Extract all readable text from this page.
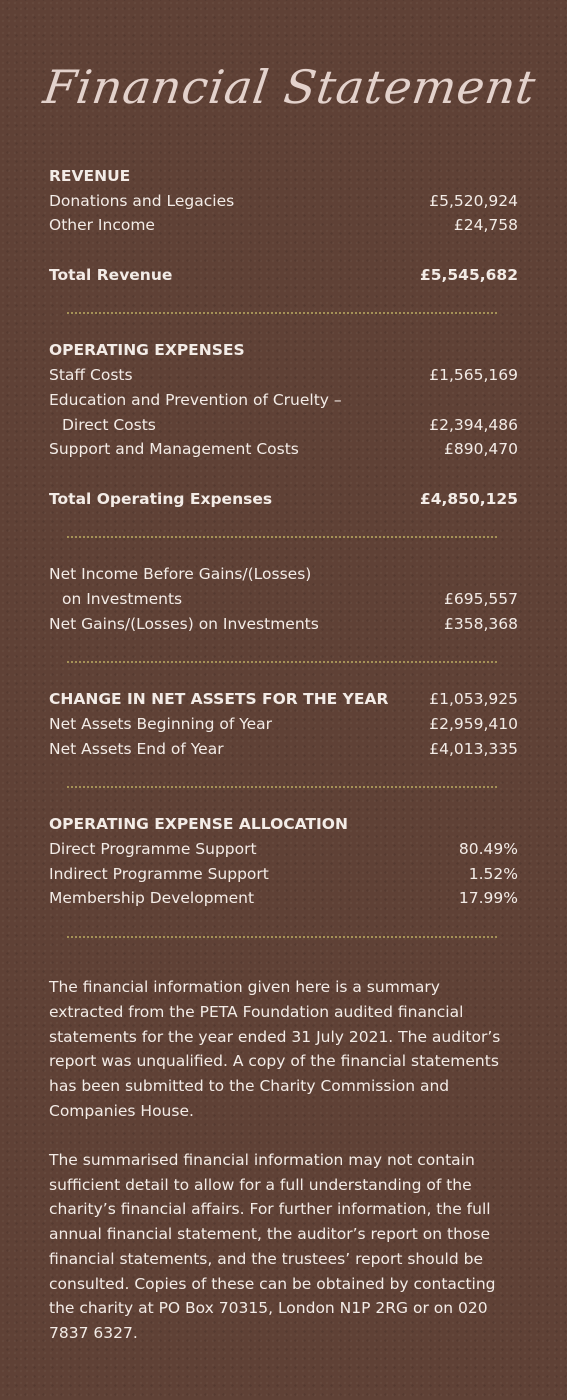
Financial Statement
REVENUE
Donations and Legacies	£5,520,924
Other Income	£24,758
Total Revenue	£5,545,682
OPERATING EXPENSES
Staff Costs	£1,565,169
Education and Prevention of Cruelty –
Direct Costs	£2,394,486
Support and Management Costs	£890,470
Total Operating Expenses	£4,850,125
Net Income Before Gains/(Losses)
on Investments	£695,557
Net Gains/(Losses) on Investments	£358,368
CHANGE IN NET ASSETS FOR THE YEAR	£1,053,925
Net Assets Beginning of Year	£2,959,410
Net Assets End of Year	£4,013,335
OPERATING EXPENSE ALLOCATION
Direct Programme Support	80.49%
Indirect Programme Support	1.52%
Membership Development	17.99%

The financial information given here is a summary extracted from the PETA Foundation audited financial statements for the year ended 31 July 2021. The auditor’s report was unqualified. A copy of the financial statements has been submitted to the Charity Commission and Companies House.

The summarised financial information may not contain sufficient detail to allow for a full understanding of the charity’s financial affairs. For further information, the full annual financial statement, the auditor’s report on those financial statements, and the trustees’ report should be consulted. Copies of these can be obtained by contacting the charity at PO Box 70315, London N1P 2RG or on 020 7837 6327.
